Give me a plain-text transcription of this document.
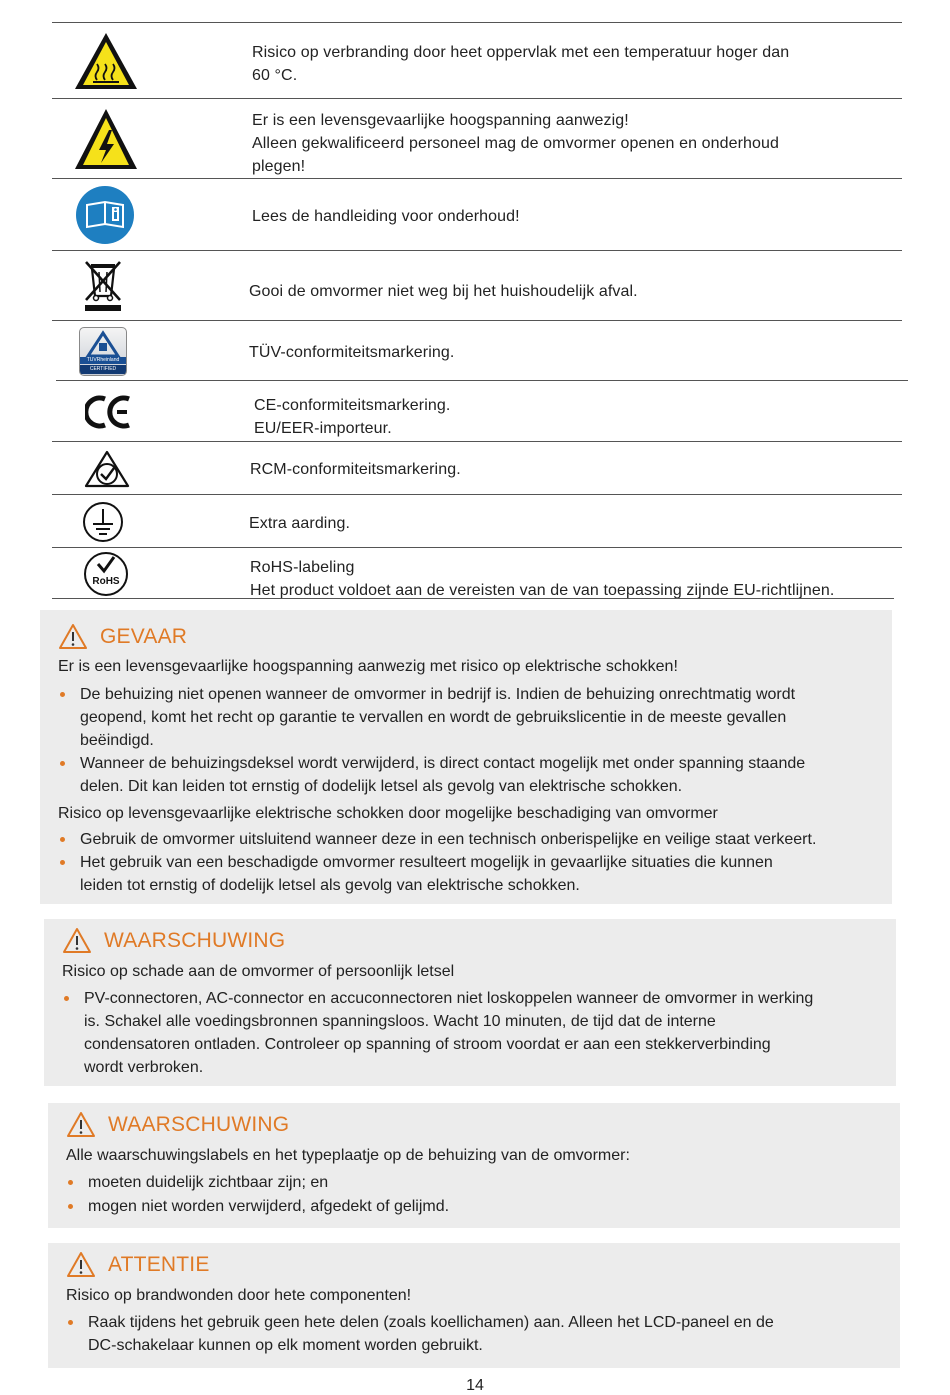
Risico op verbranding door heet oppervlak met een temperatuur hoger dan
60 °C.
Er is een levensgevaarlijke hoogspanning aanwezig!
Alleen gekwalificeerd personeel mag de omvormer openen en onderhoud
plegen!
Lees de handleiding voor onderhoud!
Gooi de omvormer niet weg bij het huishoudelijk afval.
TÜVRheinland
CERTIFIED
TÜV-conformiteitsmarkering.
CE-conformiteitsmarkering.
EU/EER-importeur.
RCM-conformiteitsmarkering.
Extra aarding.
RoHS
RoHS-labeling
Het product voldoet aan de vereisten van de van toepassing zijnde EU-richtlijnen.
GEVAAR
Er is een levensgevaarlijke hoogspanning aanwezig met risico op elektrische schokken!
De behuizing niet openen wanneer de omvormer in bedrijf is. Indien de behuizing onrechtmatig wordt
geopend, komt het recht op garantie te vervallen en wordt de gebruikslicentie in de meeste gevallen
beëindigd.
Wanneer de behuizingsdeksel wordt verwijderd, is direct contact mogelijk met onder spanning staande
delen. Dit kan leiden tot ernstig of dodelijk letsel als gevolg van elektrische schokken.
Risico op levensgevaarlijke elektrische schokken door mogelijke beschadiging van omvormer
Gebruik de omvormer uitsluitend wanneer deze in een technisch onberispelijke en veilige staat verkeert.
Het gebruik van een beschadigde omvormer resulteert mogelijk in gevaarlijke situaties die kunnen
leiden tot ernstig of dodelijk letsel als gevolg van elektrische schokken.
WAARSCHUWING
Risico op schade aan de omvormer of persoonlijk letsel
PV-connectoren, AC-connector en accuconnectoren niet loskoppelen wanneer de omvormer in werking
is. Schakel alle voedingsbronnen spanningsloos. Wacht 10 minuten, de tijd dat de interne
condensatoren ontladen. Controleer op spanning of stroom voordat er aan een stekkerverbinding
wordt verbroken.
WAARSCHUWING
Alle waarschuwingslabels en het typeplaatje op de behuizing van de omvormer:
moeten duidelijk zichtbaar zijn; en
mogen niet worden verwijderd, afgedekt of gelijmd.
ATTENTIE
Risico op brandwonden door hete componenten!
Raak tijdens het gebruik geen hete delen (zoals koellichamen) aan. Alleen het LCD-paneel en de
DC-schakelaar kunnen op elk moment worden gebruikt.
14
